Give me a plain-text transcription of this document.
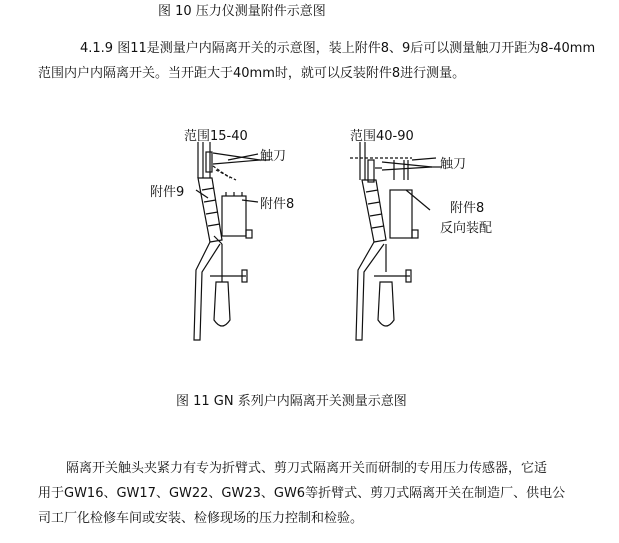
图 10 压力仪测量附件示意图
4.1.9 图11是测量户内隔离开关的示意图，装上附件8、9后可以测量触刀开距为8-40mm
范围内户内隔离开关。当开距大于40mm时，就可以反装附件8进行测量。
范围15-40
触刀
附件9
附件8
范围40-90
触刀
附件8
反向装配
图 11 GN 系列户内隔离开关测量示意图
隔离开关触头夹紧力有专为折臂式、剪刀式隔离开关而研制的专用压力传感器，它适
用于GW16、GW17、GW22、GW23、GW6等折臂式、剪刀式隔离开关在制造厂、供电公
司工厂化检修车间或安装、检修现场的压力控制和检验。
